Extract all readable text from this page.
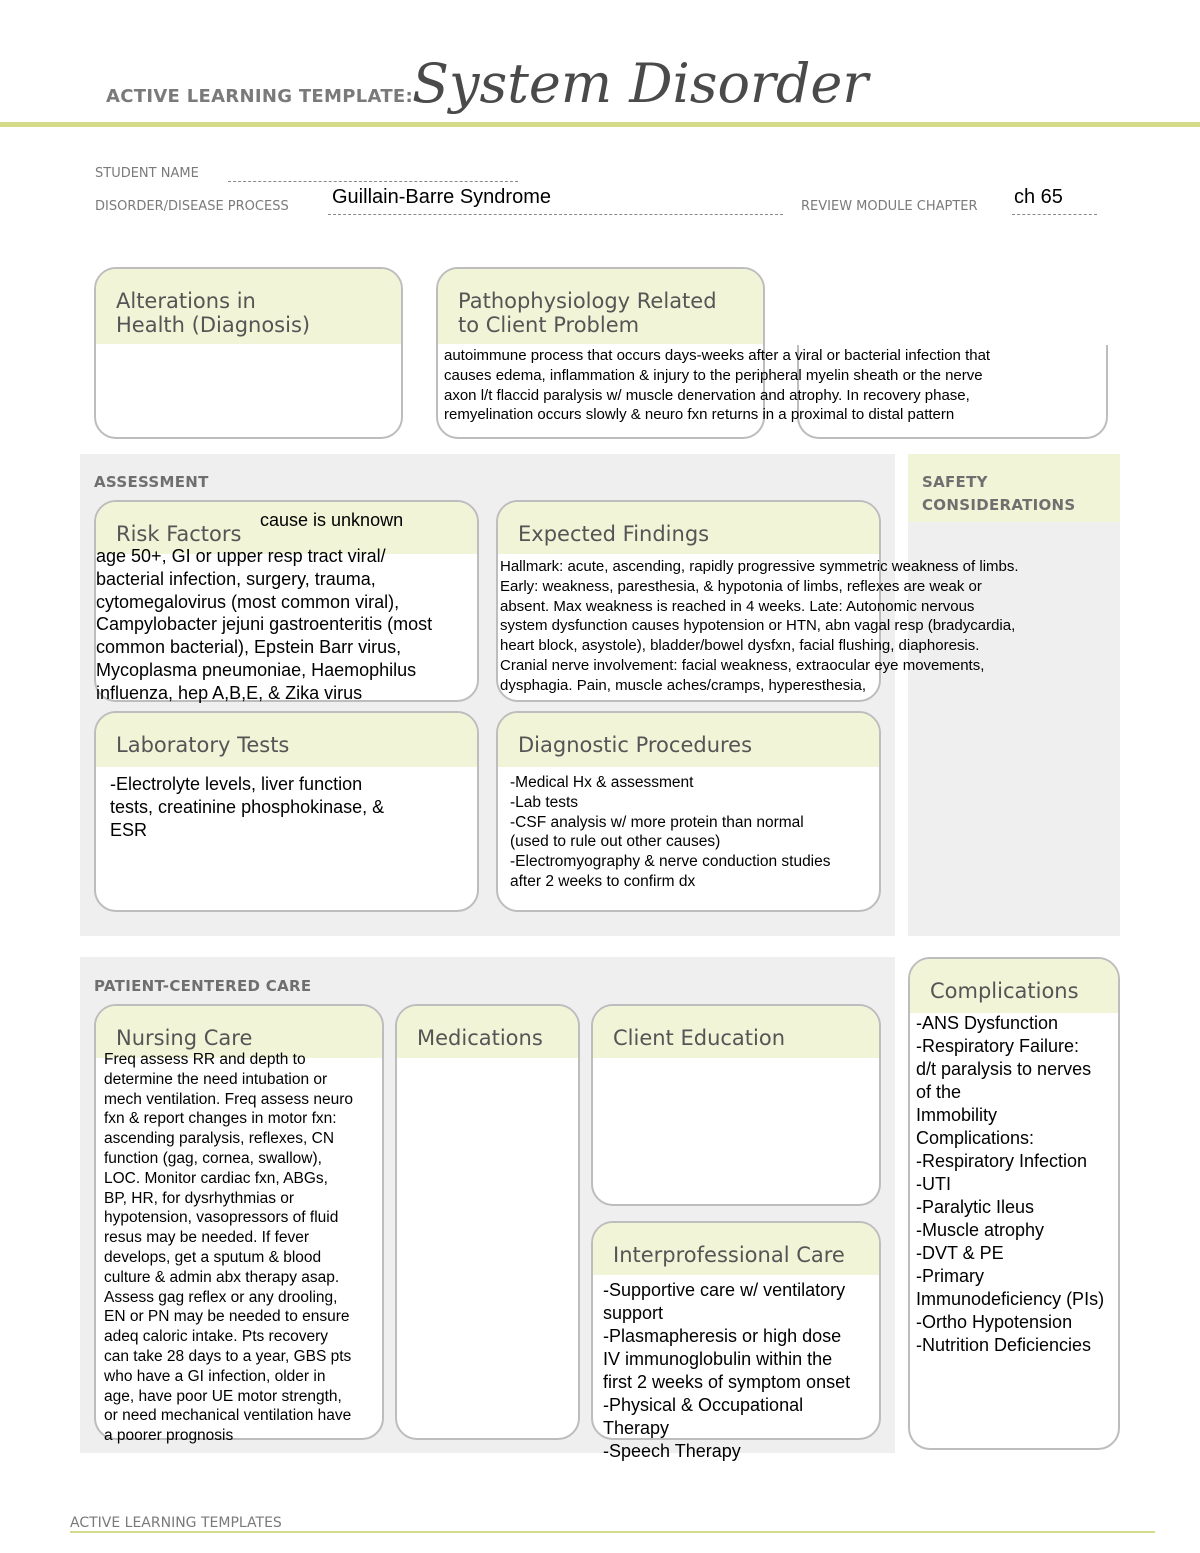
ACTIVE LEARNING TEMPLATE: System Disorder
STUDENT NAME
DISORDER/DISEASE PROCESS Guillain-Barre Syndrome	REVIEW MODULE CHAPTER ch 65
Alterations in
Health (Diagnosis)
Pathophysiology Related
to Client Problem
autoimmune process that occurs days-weeks after a viral or bacterial infection that
causes edema, inflammation & injury to the peripheral myelin sheath or the nerve
axon l/t flaccid paralysis w/ muscle denervation and atrophy. In recovery phase,
remyelination occurs slowly & neuro fxn returns in a proximal to distal pattern
ASSESSMENT	SAFETY
CONSIDERATIONS
Risk Factors
cause is unknown
age 50+, GI or upper resp tract viral/
bacterial infection, surgery, trauma,
cytomegalovirus (most common viral),
Campylobacter jejuni gastroenteritis (most
common bacterial), Epstein Barr virus,
Mycoplasma pneumoniae, Haemophilus
influenza, hep A,B,E, & Zika virus
Expected Findings
Hallmark: acute, ascending, rapidly progressive symmetric weakness of limbs.
Early: weakness, paresthesia, & hypotonia of limbs, reflexes are weak or
absent. Max weakness is reached in 4 weeks. Late: Autonomic nervous
system dysfunction causes hypotension or HTN, abn vagal resp (bradycardia,
heart block, asystole), bladder/bowel dysfxn, facial flushing, diaphoresis.
Cranial nerve involvement: facial weakness, extraocular eye movements,
dysphagia. Pain, muscle aches/cramps, hyperesthesia,
Laboratory Tests
-Electrolyte levels, liver function
tests, creatinine phosphokinase, &
ESR
Diagnostic Procedures
-Medical Hx & assessment
-Lab tests
-CSF analysis w/ more protein than normal
(used to rule out other causes)
-Electromyography & nerve conduction studies
after 2 weeks to confirm dx
PATIENT-CENTERED CARE
Nursing Care
Freq assess RR and depth to
determine the need intubation or
mech ventilation. Freq assess neuro
fxn & report changes in motor fxn:
ascending paralysis, reflexes, CN
function (gag, cornea, swallow),
LOC. Monitor cardiac fxn, ABGs,
BP, HR, for dysrhythmias or
hypotension, vasopressors of fluid
resus may be needed. If fever
develops, get a sputum & blood
culture & admin abx therapy asap.
Assess gag reflex or any drooling,
EN or PN may be needed to ensure
adeq caloric intake. Pts recovery
can take 28 days to a year, GBS pts
who have a GI infection, older in
age, have poor UE motor strength,
or need mechanical ventilation have
a poorer prognosis
Medications	Client Education
Interprofessional Care
-Supportive care w/ ventilatory
support
-Plasmapheresis or high dose
IV immunoglobulin within the
first 2 weeks of symptom onset
-Physical & Occupational
Therapy
-Speech Therapy
Complications
-ANS Dysfunction
-Respiratory Failure:
d/t paralysis to nerves
of the
Immobility
Complications:
-Respiratory Infection
-UTI
-Paralytic Ileus
-Muscle atrophy
-DVT & PE
-Primary
Immunodeficiency (PIs)
-Ortho Hypotension
-Nutrition Deficiencies
ACTIVE LEARNING TEMPLATES
